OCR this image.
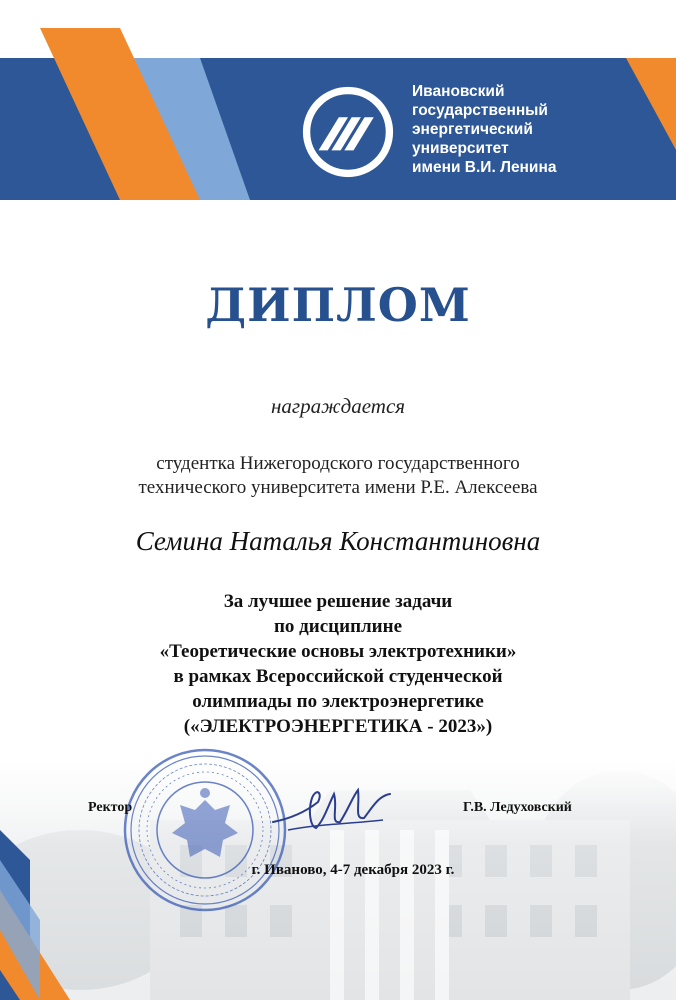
Ивановский
государственный
энергетический
университет
имени В.И. Ленина
ДИПЛОМ
награждается
студентка Нижегородского государственного
технического университета имени Р.Е. Алексеева
Семина Наталья Константиновна
За лучшее решение задачи
по дисциплине
«Теоретические основы электротехники»
в рамках Всероссийской студенческой
олимпиады по электроэнергетике
(«ЭЛЕКТРОЭНЕРГЕТИКА - 2023»)
Ректор	Г.В. Ледуховский
г. Иваново, 4-7 декабря 2023 г.
